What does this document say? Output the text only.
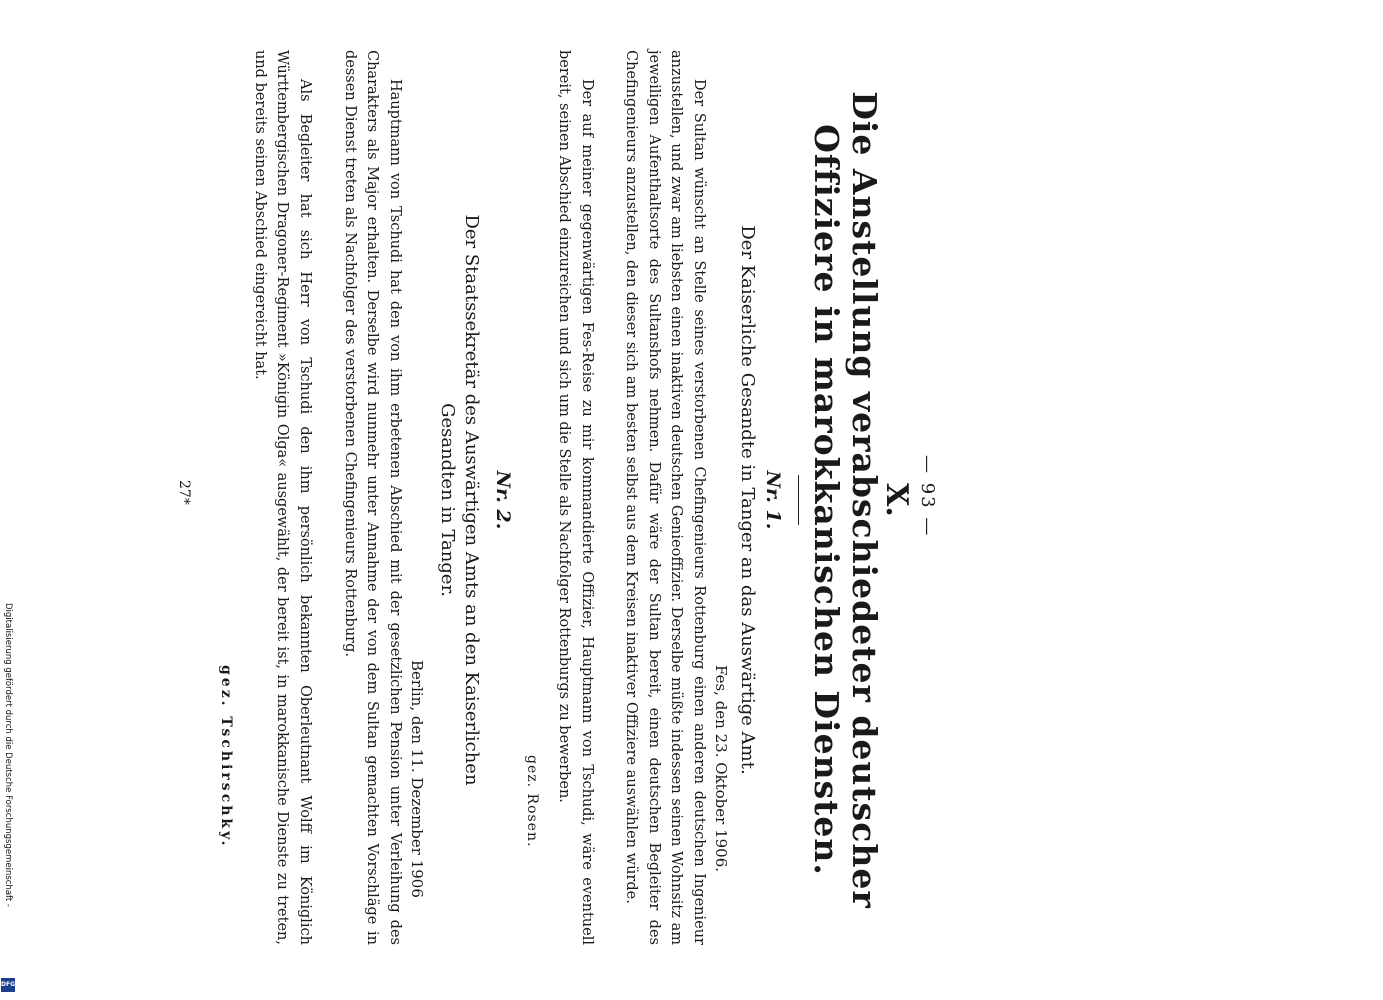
— 93 —
X.
Die Anstellung verabschiedeter deutscher
Offiziere in marokkanischen Diensten.
Nr. 1.
Der Kaiserliche Gesandte in Tanger an das Auswärtige Amt.
Fes, den 23. Oktober 1906.
Der Sultan wünscht an Stelle seines verstorbenen Chefingenieurs Rottenburg einen anderen deutschen Ingenieur anzustellen, und zwar am liebsten einen inaktiven deutschen Genieoffizier. Derselbe müßte indessen seinen Wohnsitz am jeweiligen Aufenthaltsorte des Sultanshofs nehmen. Dafür wäre der Sultan bereit, einen deutschen Begleiter des Chefingenieurs anzustellen, den dieser sich am besten selbst aus dem Kreisen inaktiver Offiziere auswählen würde.
Der auf meiner gegenwärtigen Fes-Reise zu mir kommandierte Offizier, Hauptmann von Tschudi, wäre eventuell bereit, seinen Abschied einzureichen und sich um die Stelle als Nachfolger Rottenburgs zu bewerben.
gez. Rosen.
Nr. 2.
Der Staatssekretär des Auswärtigen Amts an den Kaiserlichen
Gesandten in Tanger.
Berlin, den 11. Dezember 1906
Hauptmann von Tschudi hat den von ihm erbetenen Abschied mit der gesetzlichen Pension unter Verleihung des Charakters als Major erhalten. Derselbe wird nunmehr unter Annahme der von dem Sultan gemachten Vorschläge in dessen Dienst treten als Nachfolger des verstorbenen Chefingenieurs Rottenburg.
Als Begleiter hat sich Herr von Tschudi den ihm persönlich bekannten Oberleutnant Wolff im Königlich Württembergischen Dragoner-Regiment »Königin Olga« ausgewählt, der bereit ist, in marokkanische Dienste zu treten, und bereits seinen Abschied eingereicht hat.
gez. Tschirschky.
27*
Digitalisierung gefördert durch die Deutsche Forschungsgemeinschaft -
DFG
